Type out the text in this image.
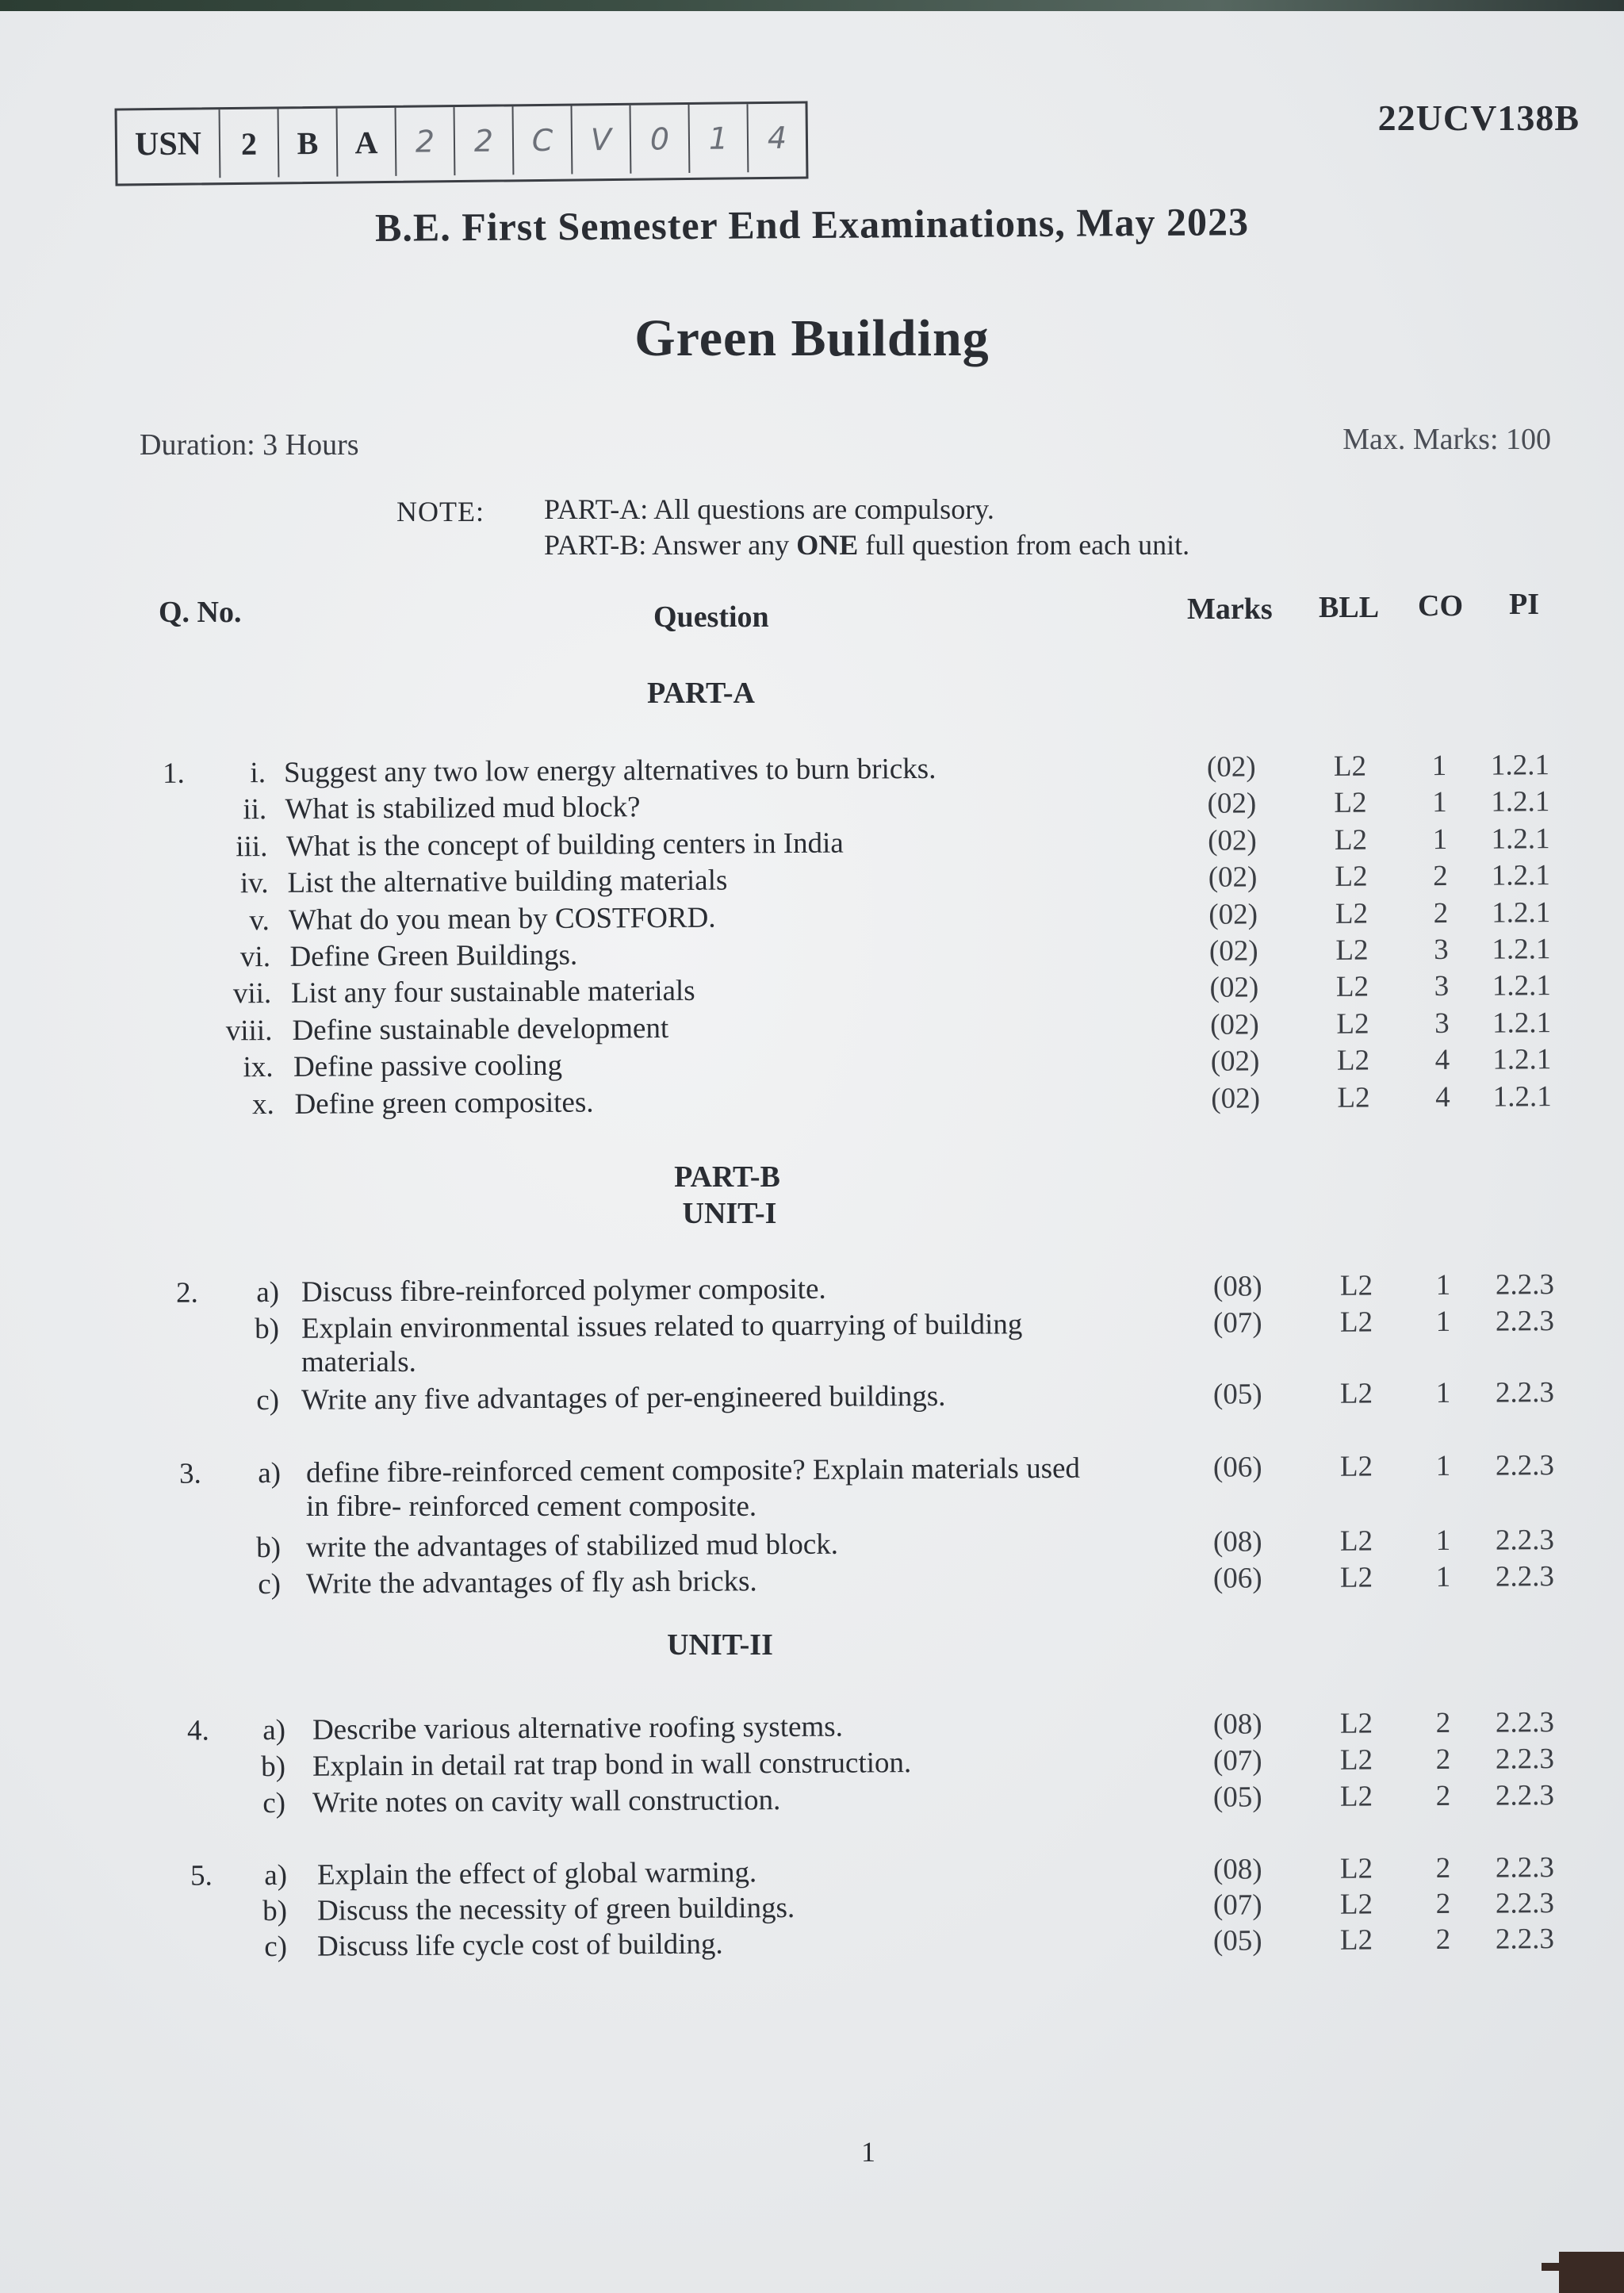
USN	2	B	A	2	2	C	V	0	1	4	22UCV138B
B.E. First Semester End Examinations, May 2023
Green Building
Duration: 3 Hours	Max. Marks: 100
NOTE: PART-A: All questions are compulsory.
PART-B: Answer any ONE full question from each unit.
Q. No.	Question	Marks BLL CO PI
PART-A
1.	i. Suggest any two low energy alternatives to burn bricks.	(02)	L2 1 1.2.1
ii. What is stabilized mud block?	(02)	L2 1 1.2.1
iii. What is the concept of building centers in India	(02)	L2 1 1.2.1
iv. List the alternative building materials	(02)	L2 2 1.2.1
v. What do you mean by COSTFORD.	(02)	L2 2 1.2.1
vi. Define Green Buildings.	(02)	L2 3 1.2.1
vii. List any four sustainable materials	(02)	L2 3 1.2.1
viii. Define sustainable development	(02)	L2 3 1.2.1
ix. Define passive cooling	(02)	L2 4 1.2.1
x. Define green composites.	(02)	L2 4 1.2.1
PART-B
UNIT-I
2.	a) Discuss fibre-reinforced polymer composite.	(08)	L2 1 2.2.3
b) Explain environmental issues related to quarrying of building	(07)	L2 1 2.2.3
materials.
c) Write any five advantages of per-engineered buildings.	(05)	L2 1 2.2.3
3.	a) define fibre-reinforced cement composite? Explain materials used	(06)	L2 1 2.2.3
in fibre- reinforced cement composite.
b) write the advantages of stabilized mud block.	(08)	L2 1 2.2.3
c) Write the advantages of fly ash bricks.	(06)	L2 1 2.2.3
4.	a) Describe various alternative roofing systems.	(08)	L2 2 2.2.3
b) Explain in detail rat trap bond in wall construction.	(07)	L2 2 2.2.3
c) Write notes on cavity wall construction.	(05)	L2 2 2.2.3
5.	a) Explain the effect of global warming.	(08)	L2 2 2.2.3
b) Discuss the necessity of green buildings.	(07)	L2 2 2.2.3
c) Discuss life cycle cost of building.	(05)	L2 2 2.2.3
UNIT-II
1
